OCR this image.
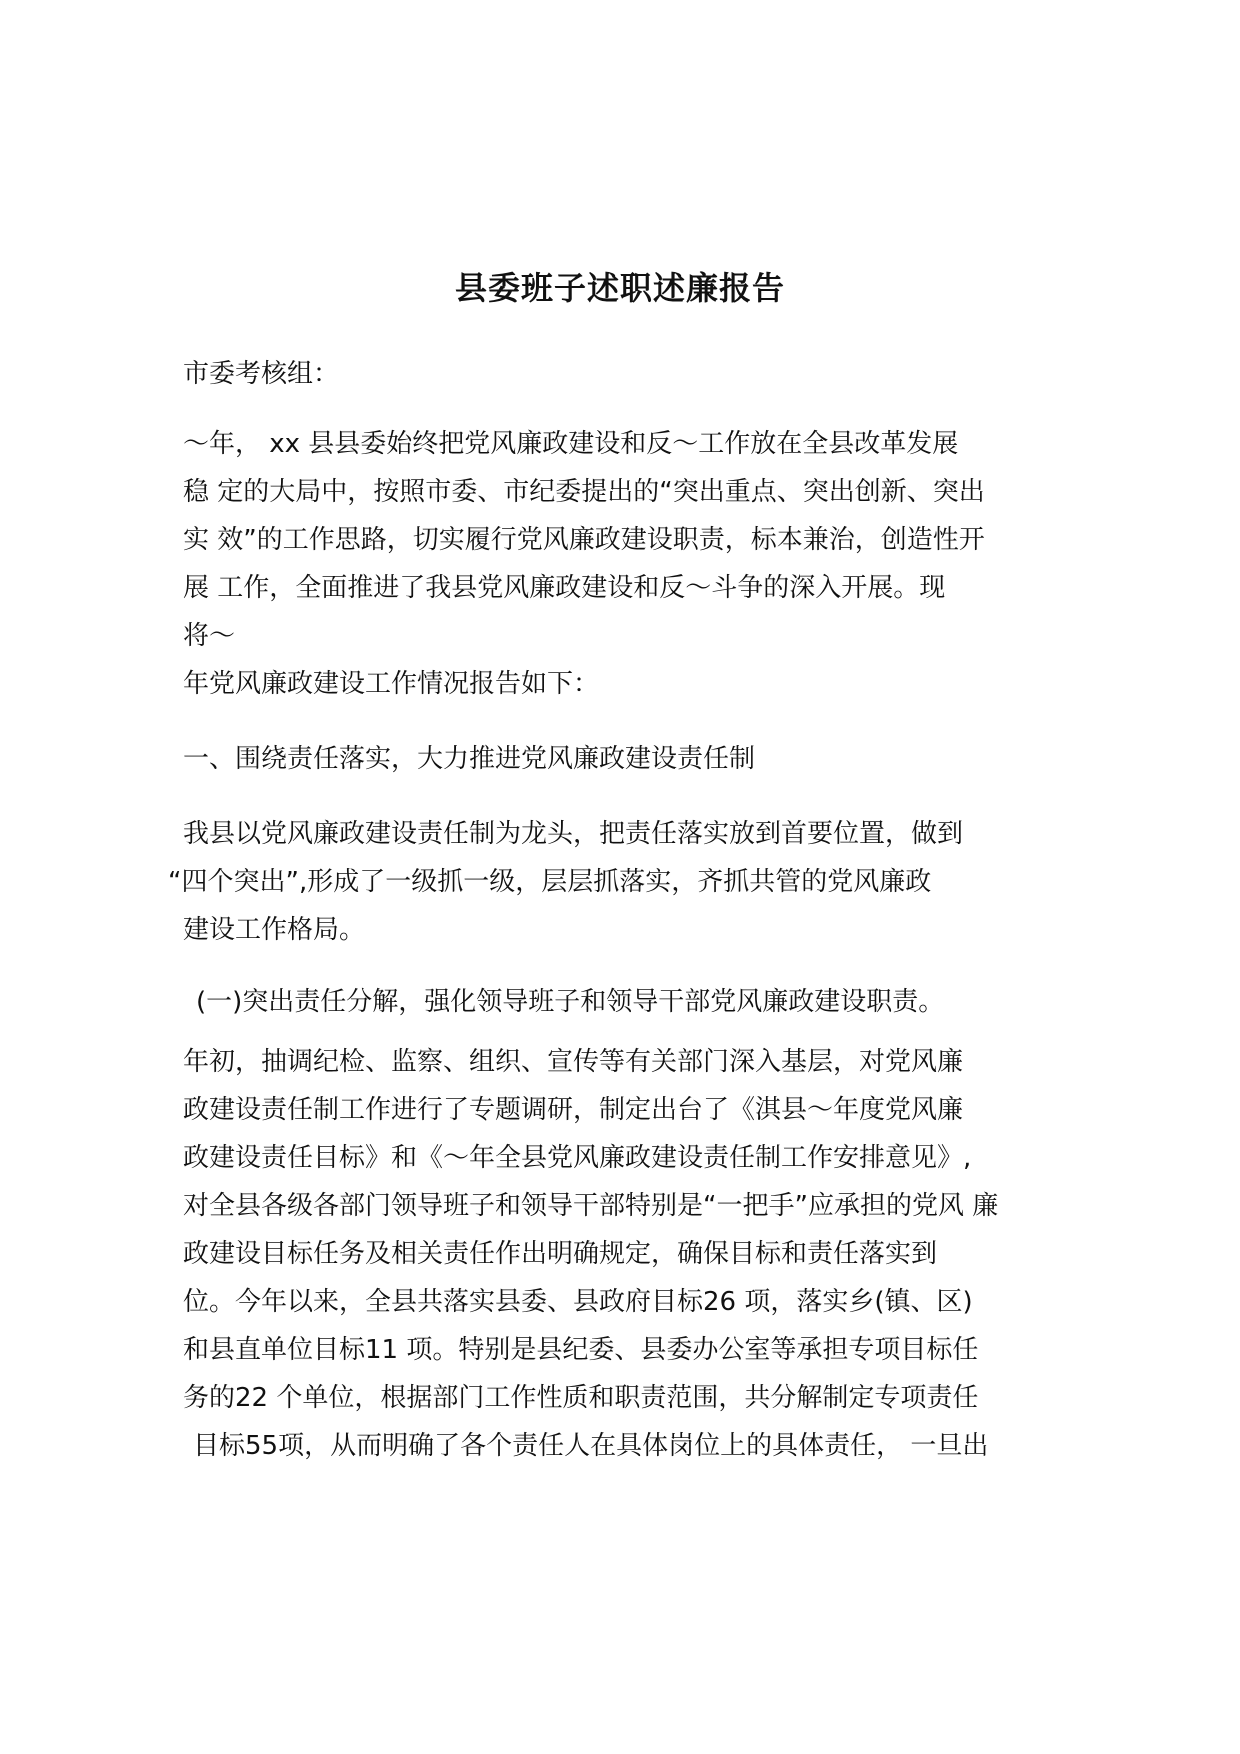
县委班子述职述廉报告
市委考核组：
～年， xx 县县委始终把党风廉政建设和反～工作放在全县改革发展
稳 定的大局中，按照市委、市纪委提出的“突出重点、突出创新、突出
实 效”的工作思路，切实履行党风廉政建设职责，标本兼治，创造性开
展 工作，全面推进了我县党风廉政建设和反～斗争的深入开展。现
将～
年党风廉政建设工作情况报告如下：
一、围绕责任落实，大力推进党风廉政建设责任制
我县以党风廉政建设责任制为龙头，把责任落实放到首要位置，做到
“四个突出”,形成了一级抓一级，层层抓落实，齐抓共管的党风廉政
建设工作格局。
(一)突出责任分解，强化领导班子和领导干部党风廉政建设职责。
年初，抽调纪检、监察、组织、宣传等有关部门深入基层，对党风廉
政建设责任制工作进行了专题调研，制定出台了《淇县～年度党风廉
政建设责任目标》和《～年全县党风廉政建设责任制工作安排意见》,
对全县各级各部门领导班子和领导干部特别是“一把手”应承担的党风 廉
政建设目标任务及相关责任作出明确规定，确保目标和责任落实到
位。今年以来，全县共落实县委、县政府目标26 项，落实乡(镇、区)
和县直单位目标11 项。特别是县纪委、县委办公室等承担专项目标任
务的22 个单位，根据部门工作性质和职责范围，共分解制定专项责任
目标55项，从而明确了各个责任人在具体岗位上的具体责任， 一旦出
